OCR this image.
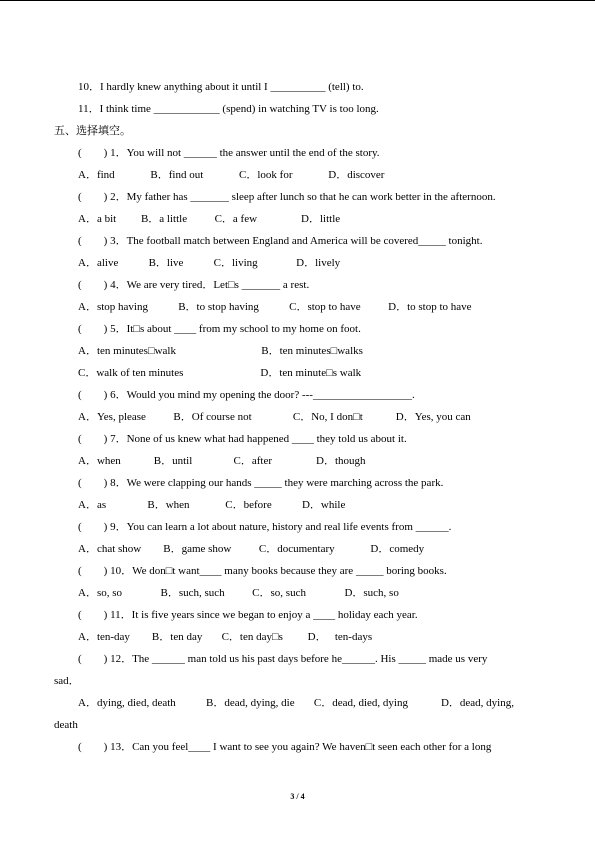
10．I hardly knew anything about it until I __________ (tell) to.
11．I think time ____________ (spend) in watching TV is too long.
五、选择填空。
(        ) 1．You will not ______ the answer until the end of the story.
A．find             B．find out             C．look for             D．discover
(        ) 2．My father has _______ sleep after lunch so that he can work better in the afternoon.
A．a bit         B．a little          C．a few                D．little
(        ) 3．The football match between England and America will be covered_____ tonight.
A．alive           B．live           C．living              D．lively
(        ) 4．We are very tired．Let□s _______ a rest.
A．stop having           B．to stop having           C．stop to have          D．to stop to have
(        ) 5．It□s about ____ from my school to my home on foot.
A．ten minutes□walk                               B．ten minutes□walks
C．walk of ten minutes                            D．ten minute□s walk
(        ) 6．Would you mind my opening the door? ---__________________.
A．Yes, please          B．Of course not               C．No, I don□t            D．Yes, you can
(        ) 7．None of us knew what had happened ____ they told us about it.
A．when            B．until               C．after                D．though
(        ) 8．We were clapping our hands _____ they were marching across the park.
A．as               B．when             C．before           D．while
(        ) 9．You can learn a lot about nature, history and real life events from ______.
A．chat show        B．game show          C．documentary             D．comedy
(        ) 10．We don□t want____ many books because they are _____ boring books.
A．so, so              B．such, such          C．so, such              D．such, so
(        ) 11．It is five years since we began to enjoy a ____ holiday each year.
A．ten-day        B．ten day       C．ten day□s         D．   ten-days
(        ) 12．The ______ man told us his past days before he______. His _____ made us very
sad．
A．dying, died, death           B．dead, dying, die       C．dead, died, dying            D．dead, dying,
death
(        ) 13．Can you feel____ I want to see you again? We haven□t seen each other for a long
3 / 4
